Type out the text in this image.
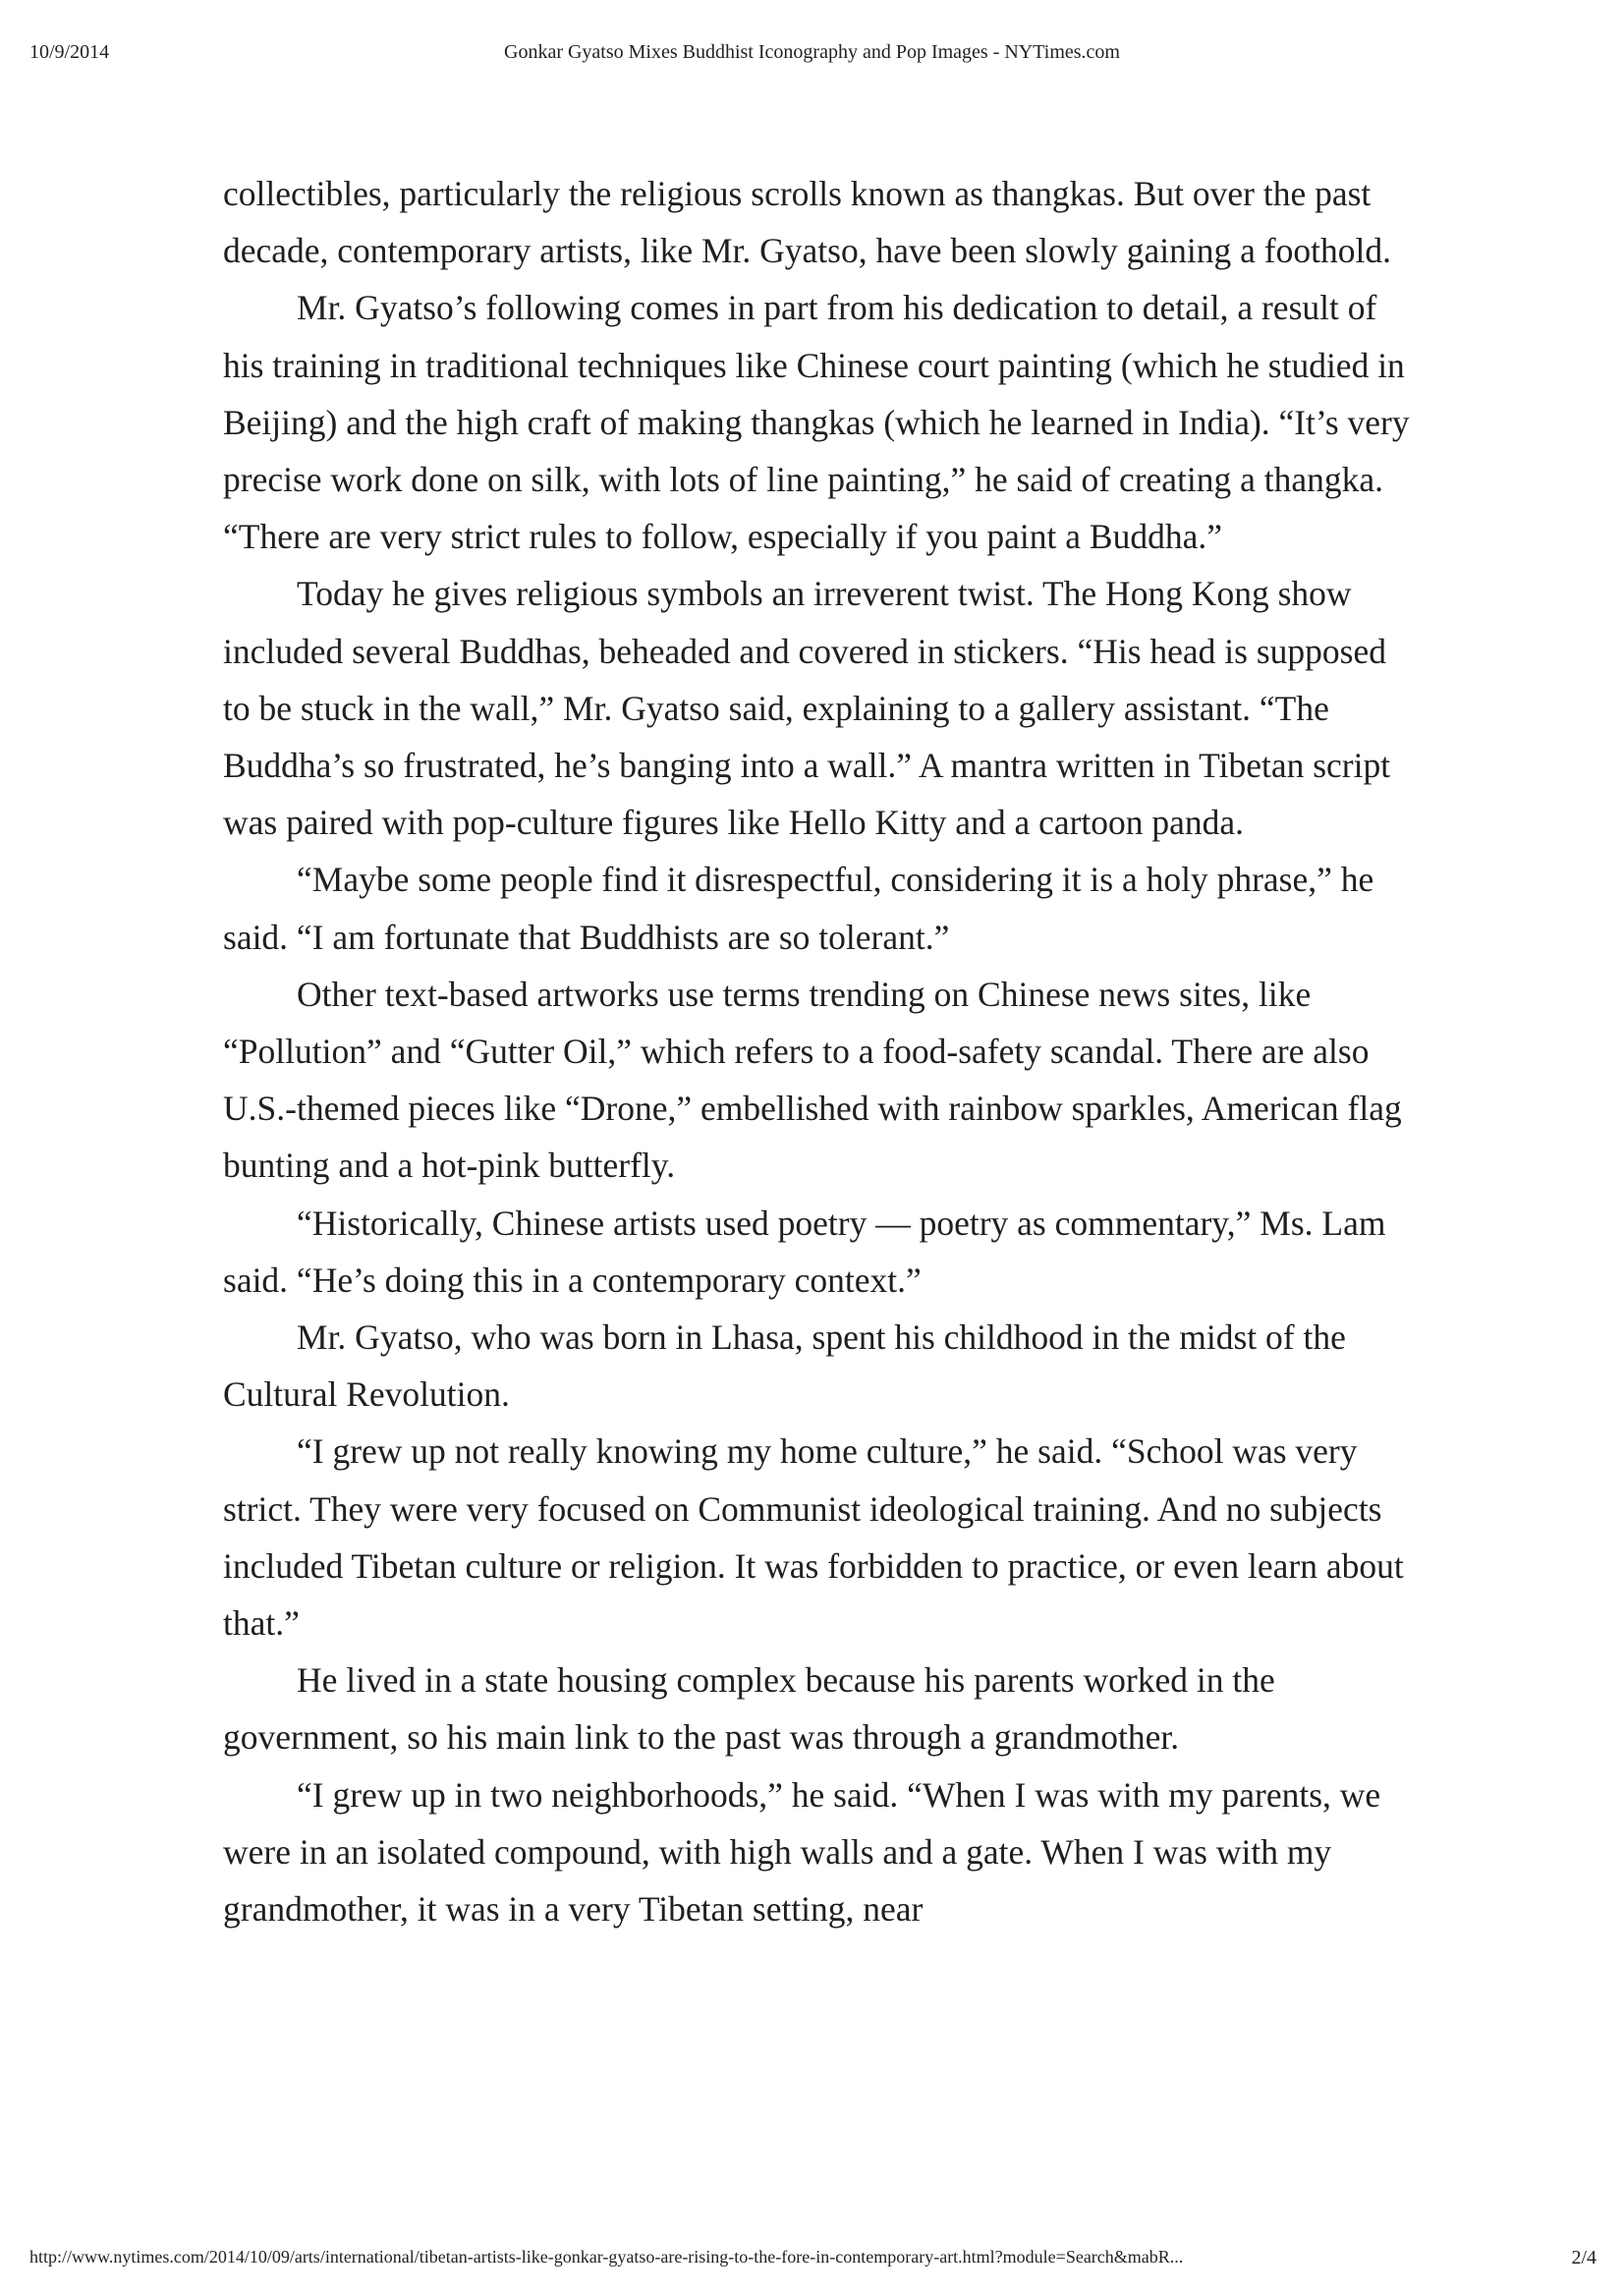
10/9/2014	Gonkar Gyatso Mixes Buddhist Iconography and Pop Images - NYTimes.com

collectibles, particularly the religious scrolls known as thangkas. But over the past decade, contemporary artists, like Mr. Gyatso, have been slowly gaining a foothold.

Mr. Gyatso’s following comes in part from his dedication to detail, a result of his training in traditional techniques like Chinese court painting (which he studied in Beijing) and the high craft of making thangkas (which he learned in India). “It’s very precise work done on silk, with lots of line painting,” he said of creating a thangka. “There are very strict rules to follow, especially if you paint a Buddha.”

Today he gives religious symbols an irreverent twist. The Hong Kong show included several Buddhas, beheaded and covered in stickers. “His head is supposed to be stuck in the wall,” Mr. Gyatso said, explaining to a gallery assistant. “The Buddha’s so frustrated, he’s banging into a wall.” A mantra written in Tibetan script was paired with pop-culture figures like Hello Kitty and a cartoon panda.

“Maybe some people find it disrespectful, considering it is a holy phrase,” he said. “I am fortunate that Buddhists are so tolerant.”

Other text-based artworks use terms trending on Chinese news sites, like “Pollution” and “Gutter Oil,” which refers to a food-safety scandal. There are also U.S.-themed pieces like “Drone,” embellished with rainbow sparkles, American flag bunting and a hot-pink butterfly.

“Historically, Chinese artists used poetry — poetry as commentary,” Ms. Lam said. “He’s doing this in a contemporary context.”

Mr. Gyatso, who was born in Lhasa, spent his childhood in the midst of the Cultural Revolution.

“I grew up not really knowing my home culture,” he said. “School was very strict. They were very focused on Communist ideological training. And no subjects included Tibetan culture or religion. It was forbidden to practice, or even learn about that.”

He lived in a state housing complex because his parents worked in the government, so his main link to the past was through a grandmother.

“I grew up in two neighborhoods,” he said. “When I was with my parents, we were in an isolated compound, with high walls and a gate. When I was with my grandmother, it was in a very Tibetan setting, near

http://www.nytimes.com/2014/10/09/arts/international/tibetan-artists-like-gonkar-gyatso-are-rising-to-the-fore-in-contemporary-art.html?module=Search&mabR...	2/4
